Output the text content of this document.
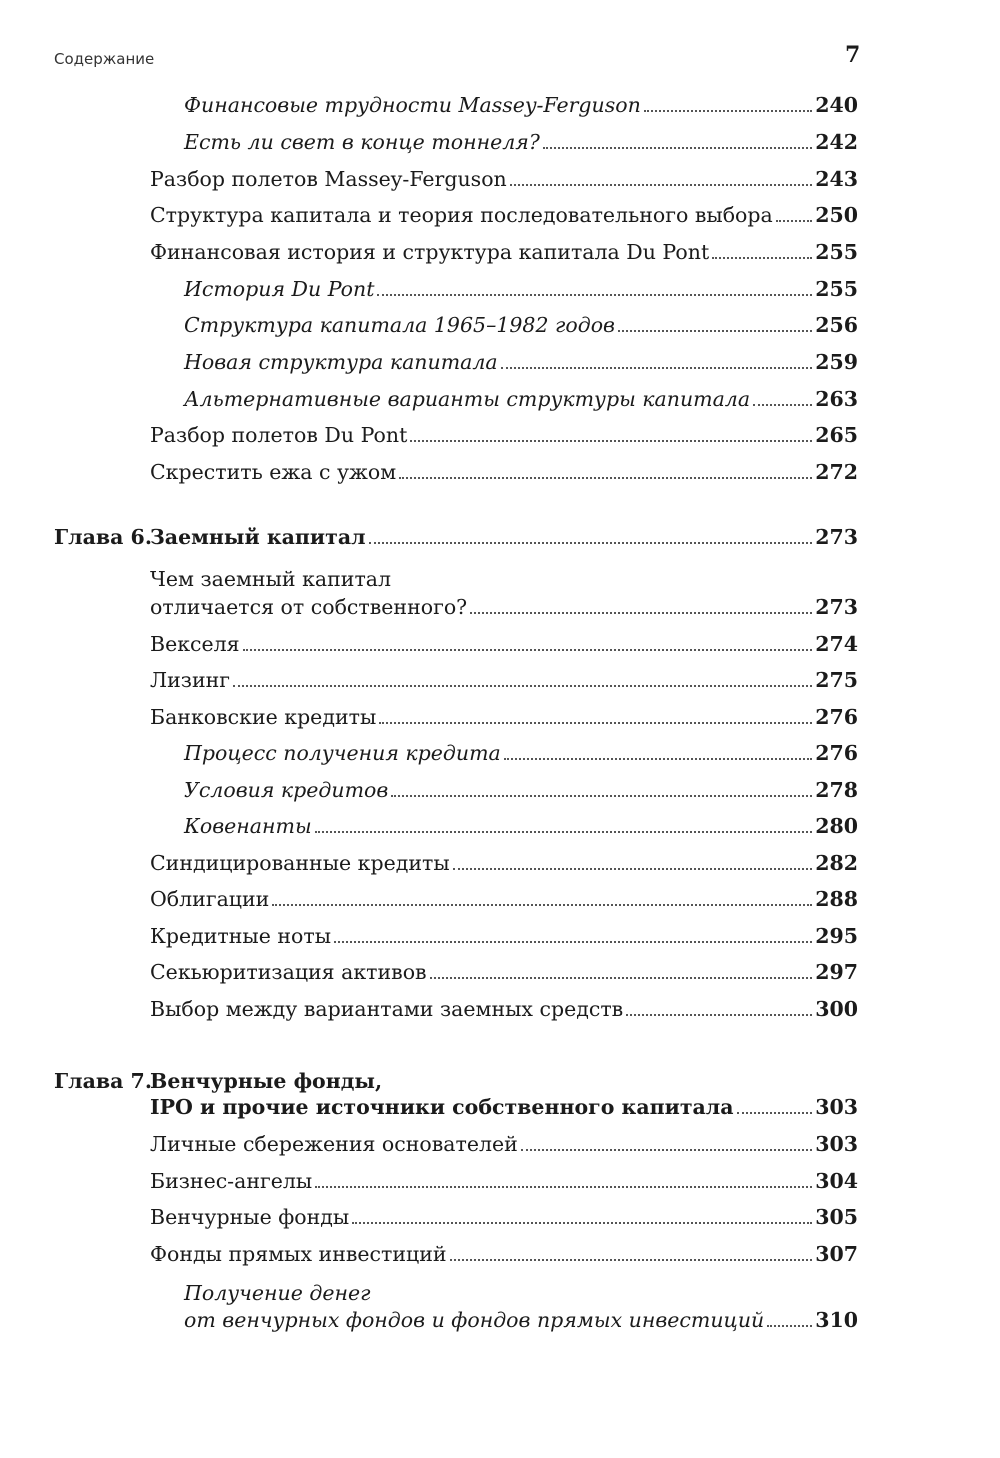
Содержание	7
Финансовые трудности Massey-Ferguson	240
Есть ли свет в конце тоннеля?	242
Разбор полетов Massey-Ferguson	243
Структура капитала и теория последовательного выбора 250
Финансовая история и структура капитала Du Pont	255
История Du Pont	255
Структура капитала 1965–1982 годов	256
Новая структура капитала	259
Альтернативные варианты структуры капитала	263
Разбор полетов Du Pont	265
Скрестить ежа с ужом	272
Глава 6.
Заемный капитал	273
Чем заемный капитал
отличается от собственного?	273
Векселя	274
Лизинг	275
Банковские кредиты	276
Процесс получения кредита	276
Условия кредитов	278
Ковенанты	280
Синдицированные кредиты	282
Облигации	288
Кредитные ноты	295
Секьюритизация активов	297
Выбор между вариантами заемных средств	300
Глава 7.
Венчурные фонды,
IPO и прочие источники собственного капитала	303
Личные сбережения основателей	303
Бизнес-ангелы	304
Венчурные фонды	305
Фонды прямых инвестиций	307
Получение денег
от венчурных фондов и фондов прямых инвестиций 310
